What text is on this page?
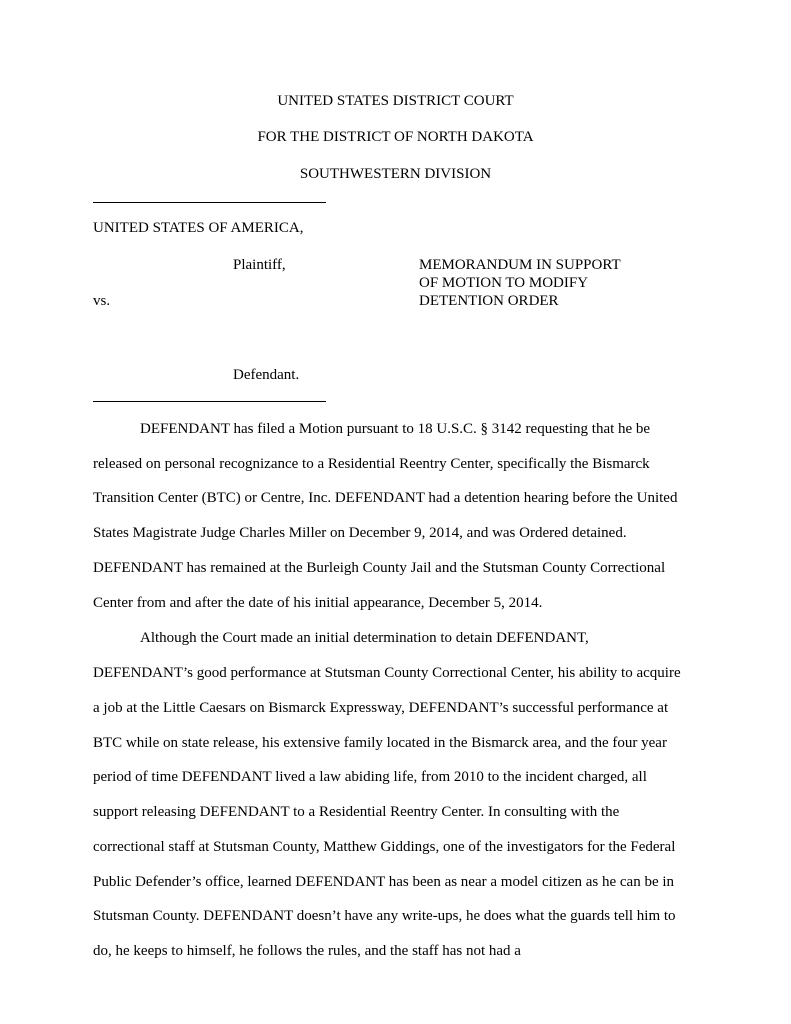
UNITED STATES DISTRICT COURT
FOR THE DISTRICT OF NORTH DAKOTA
SOUTHWESTERN DIVISION
UNITED STATES OF AMERICA,
Plaintiff,
vs.
MEMORANDUM IN SUPPORT
OF MOTION TO MODIFY
DETENTION ORDER
Defendant.
DEFENDANT has filed a Motion pursuant to 18 U.S.C. § 3142 requesting that he be
released on personal recognizance to a Residential Reentry Center, specifically the Bismarck
Transition Center (BTC) or Centre, Inc. DEFENDANT had a detention hearing before the United
States Magistrate Judge Charles Miller on December 9, 2014, and was Ordered detained.
DEFENDANT has remained at the Burleigh County Jail and the Stutsman County Correctional
Center from and after the date of his initial appearance, December 5, 2014.
Although the Court made an initial determination to detain DEFENDANT,
DEFENDANT’s good performance at Stutsman County Correctional Center, his ability to acquire
a job at the Little Caesars on Bismarck Expressway, DEFENDANT’s successful performance at
BTC while on state release, his extensive family located in the Bismarck area, and the four year
period of time DEFENDANT lived a law abiding life, from 2010 to the incident charged, all
support releasing DEFENDANT to a Residential Reentry Center. In consulting with the
correctional staff at Stutsman County, Matthew Giddings, one of the investigators for the Federal
Public Defender’s office, learned DEFENDANT has been as near a model citizen as he can be in
Stutsman County. DEFENDANT doesn’t have any write-ups, he does what the guards tell him to
do, he keeps to himself, he follows the rules, and the staff has not had a
